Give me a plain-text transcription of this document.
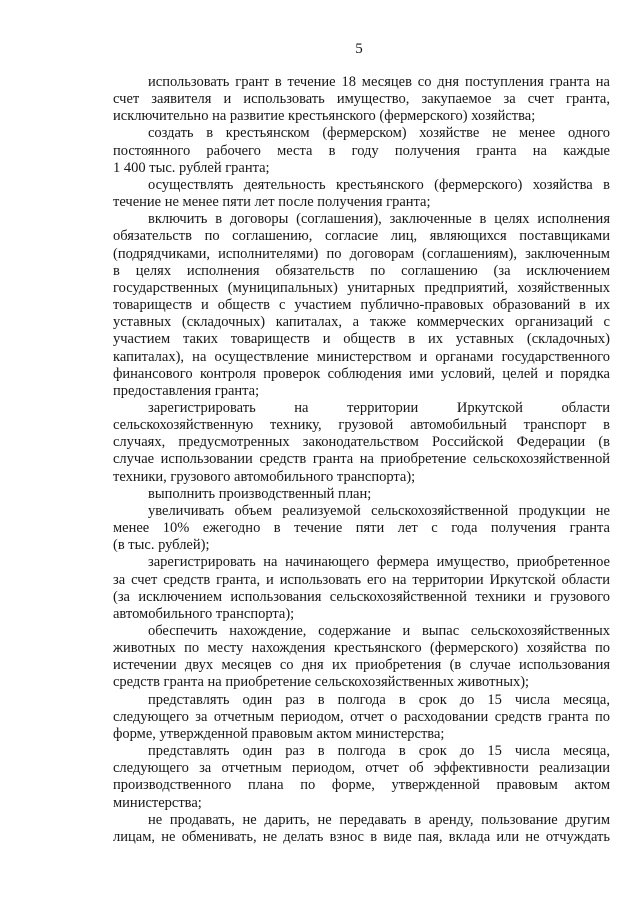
5
использовать грант в течение 18 месяцев со дня поступления гранта на
счет заявителя и использовать имущество, закупаемое за счет гранта,
исключительно на развитие крестьянского (фермерского) хозяйства;
создать в крестьянском (фермерском) хозяйстве не менее одного
постоянного рабочего места в году получения гранта на каждые
1 400 тыс. рублей гранта;
осуществлять деятельность крестьянского (фермерского) хозяйства в
течение не менее пяти лет после получения гранта;
включить в договоры (соглашения), заключенные в целях исполнения
обязательств по соглашению, согласие лиц, являющихся поставщиками
(подрядчиками, исполнителями) по договорам (соглашениям), заключенным
в целях исполнения обязательств по соглашению (за исключением
государственных (муниципальных) унитарных предприятий, хозяйственных
товариществ и обществ с участием публично-правовых образований в их
уставных (складочных) капиталах, а также коммерческих организаций с
участием таких товариществ и обществ в их уставных (складочных)
капиталах), на осуществление министерством и органами государственного
финансового контроля проверок соблюдения ими условий, целей и порядка
предоставления гранта;
зарегистрировать на территории Иркутской области
сельскохозяйственную технику, грузовой автомобильный транспорт в
случаях, предусмотренных законодательством Российской Федерации (в
случае использовании средств гранта на приобретение сельскохозяйственной
техники, грузового автомобильного транспорта);
выполнить производственный план;
увеличивать объем реализуемой сельскохозяйственной продукции не
менее 10% ежегодно в течение пяти лет с года получения гранта
(в тыс. рублей);
зарегистрировать на начинающего фермера имущество, приобретенное
за счет средств гранта, и использовать его на территории Иркутской области
(за исключением использования сельскохозяйственной техники и грузового
автомобильного транспорта);
обеспечить нахождение, содержание и выпас сельскохозяйственных
животных по месту нахождения крестьянского (фермерского) хозяйства по
истечении двух месяцев со дня их приобретения (в случае использования
средств гранта на приобретение сельскохозяйственных животных);
представлять один раз в полгода в срок до 15 числа месяца,
следующего за отчетным периодом, отчет о расходовании средств гранта по
форме, утвержденной правовым актом министерства;
представлять один раз в полгода в срок до 15 числа месяца,
следующего за отчетным периодом, отчет об эффективности реализации
производственного плана по форме, утвержденной правовым актом
министерства;
не продавать, не дарить, не передавать в аренду, пользование другим
лицам, не обменивать, не делать взнос в виде пая, вклада или не отчуждать
